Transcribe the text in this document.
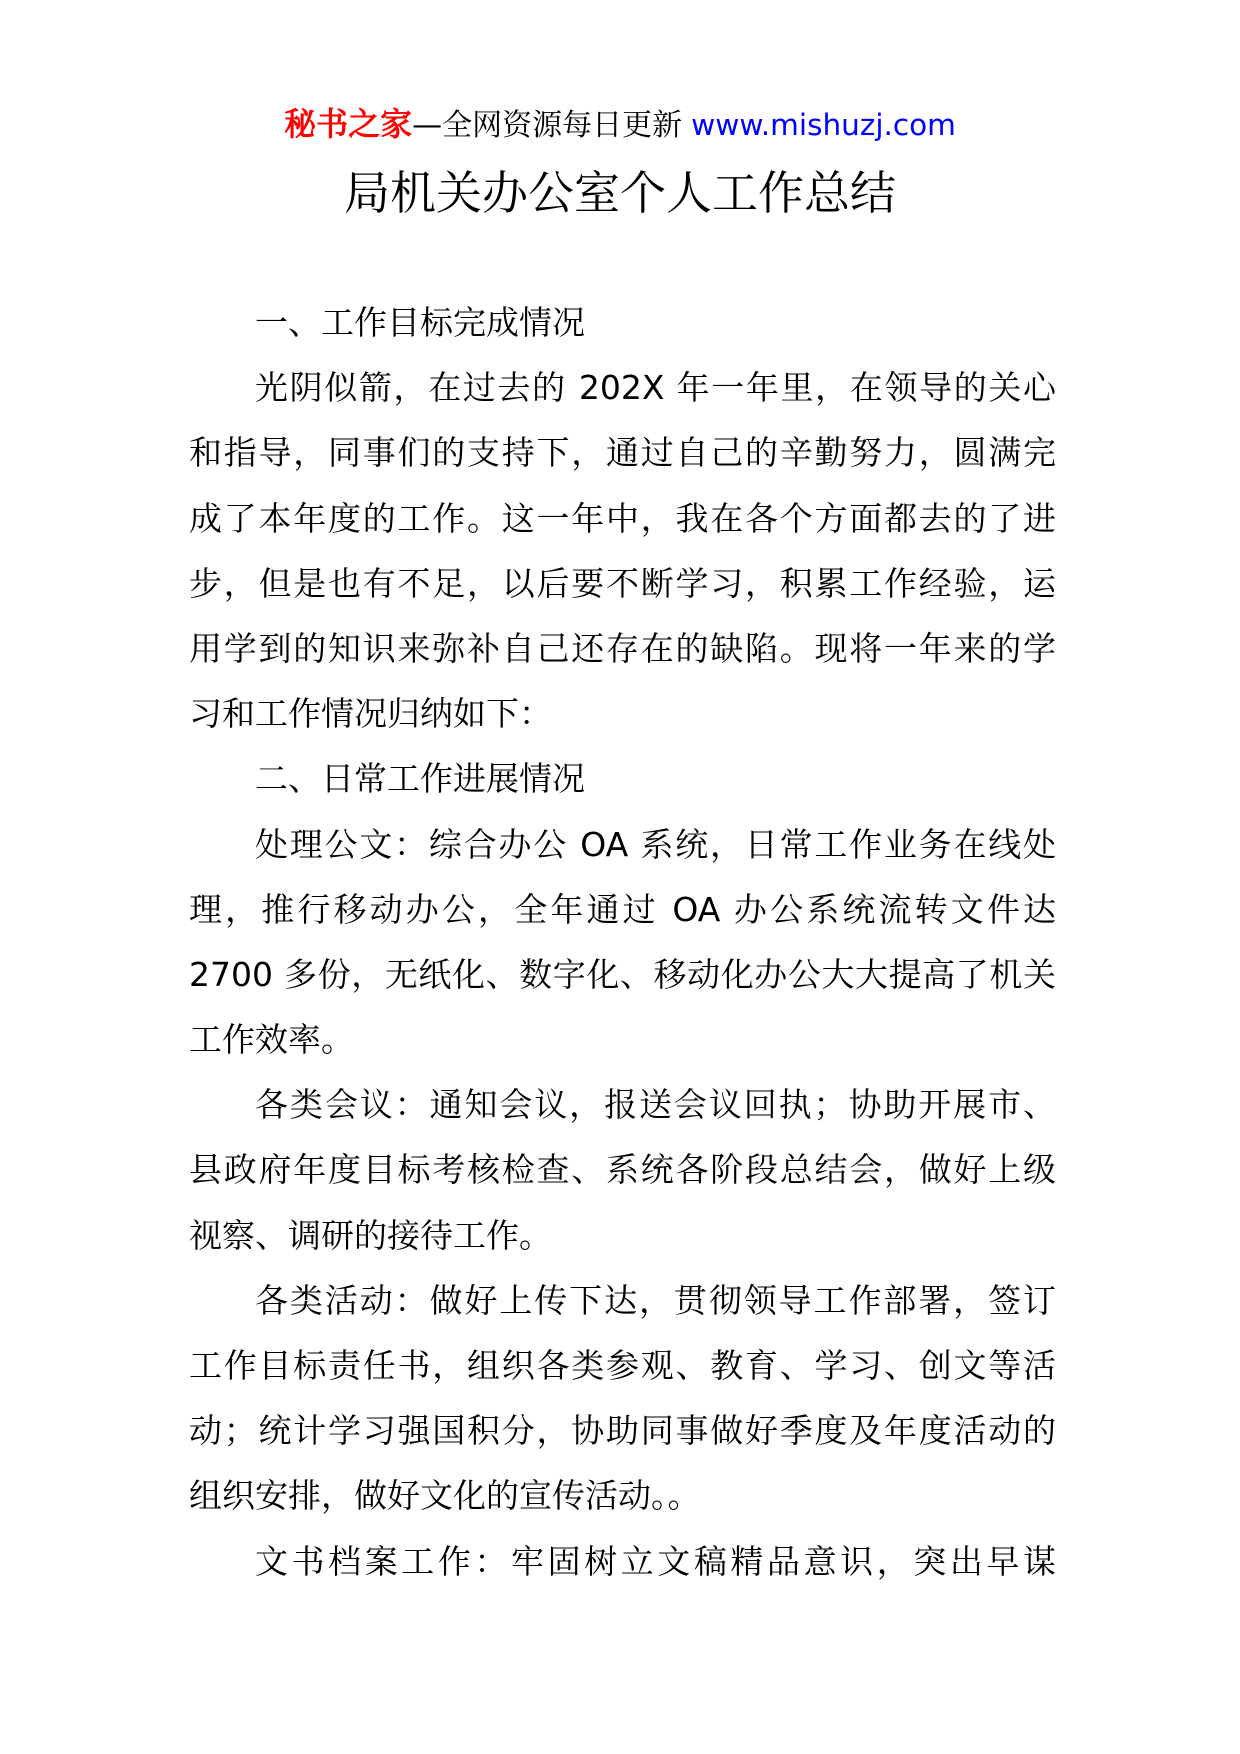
秘书之家—全网资源每日更新 www.mishuzj.com
局机关办公室个人工作总结
一、工作目标完成情况
光阴似箭，在过去的 202X 年一年里，在领导的关心
和指导，同事们的支持下，通过自己的辛勤努力，圆满完
成了本年度的工作。这一年中，我在各个方面都去的了进
步，但是也有不足，以后要不断学习，积累工作经验，运
用学到的知识来弥补自己还存在的缺陷。现将一年来的学
习和工作情况归纳如下：
二、日常工作进展情况
处理公文：综合办公 OA 系统，日常工作业务在线处
理，推行移动办公，全年通过 OA 办公系统流转文件达
2700 多份，无纸化、数字化、移动化办公大大提高了机关
工作效率。
各类会议：通知会议，报送会议回执；协助开展市、
县政府年度目标考核检查、系统各阶段总结会，做好上级
视察、调研的接待工作。
各类活动：做好上传下达，贯彻领导工作部署，签订
工作目标责任书，组织各类参观、教育、学习、创文等活
动；统计学习强国积分，协助同事做好季度及年度活动的
组织安排，做好文化的宣传活动。。
文书档案工作：牢固树立文稿精品意识，突出早谋
